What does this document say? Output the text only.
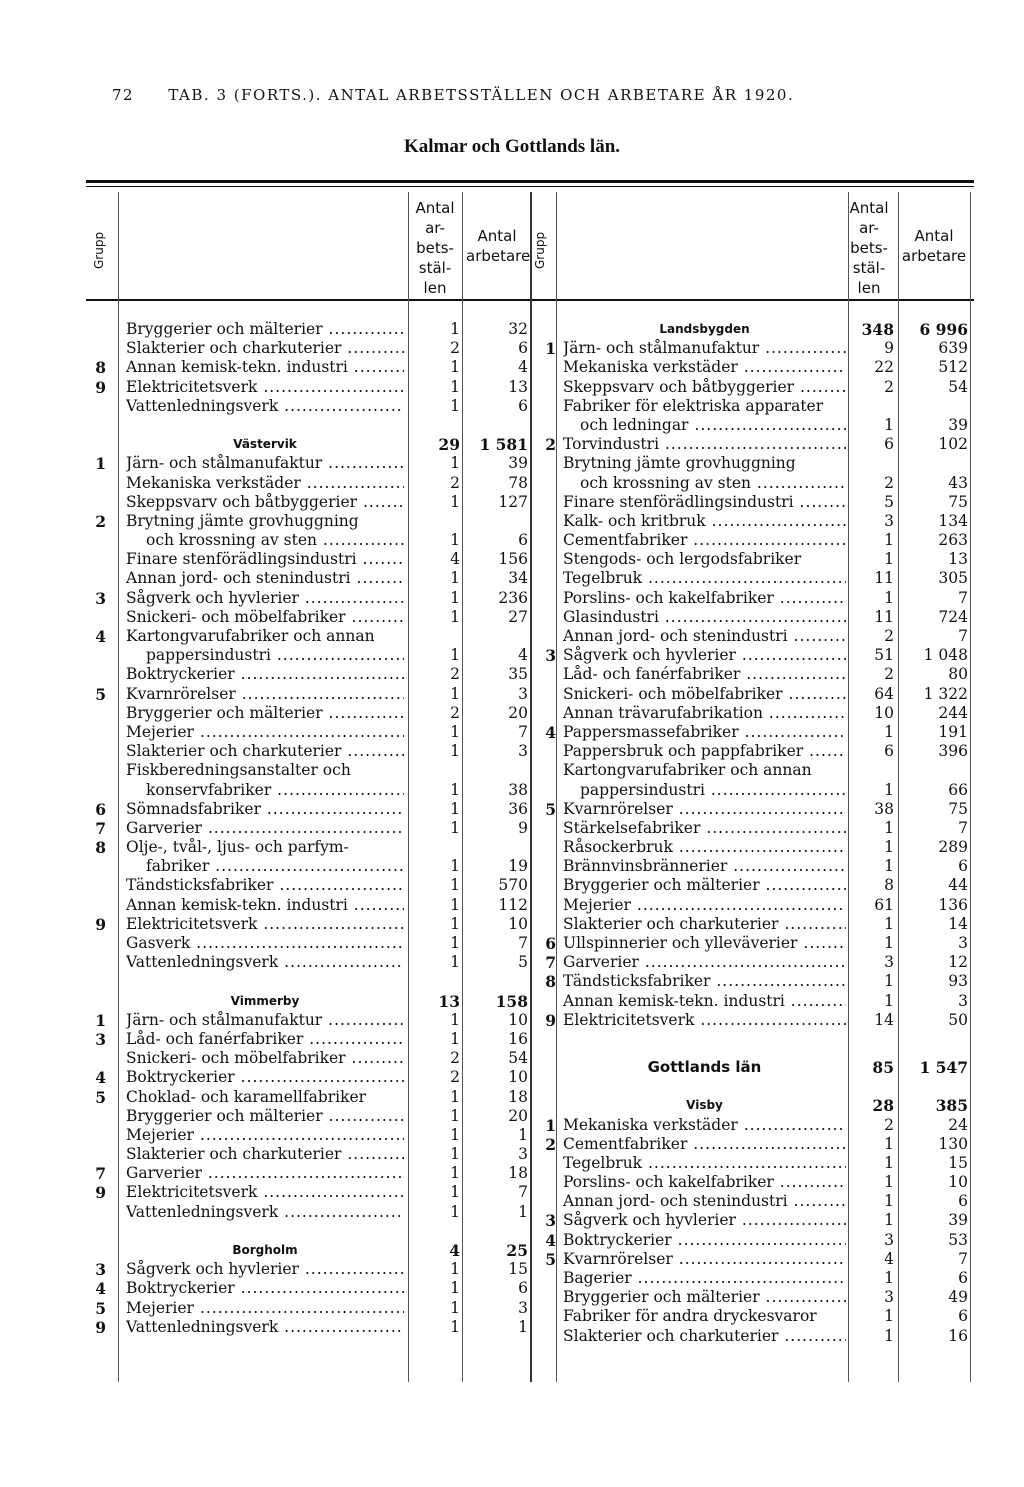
72 TAB. 3 (FORTS.). ANTAL ARBETSSTÄLLEN OCH ARBETARE ÅR 1920.
Kalmar och Gottlands län.
Grupp
Antal ar- bets- stäl- len
Antal arbetare Grupp
Antal ar- bets- stäl- len
Antal arbetare
Bryggerier och mälterier .....	1	32
Slakterier och charkuterier .....	2	6
8 Annan kemisk-tekn. industri .....	1	4
9 Elektricitetsverk .....	1	13
Vattenledningsverk .....	1	6
Västervik	29	1 581
1 Järn- och stålmanufaktur .....	1	39
Mekaniska verkstäder .....	2	78
Skeppsvarv och båtbyggerier .....	1	127
2 Brytning jämte grovhuggning
och krossning av sten .....	1	6
Finare stenförädlingsindustri .....	4	156
Annan jord- och stenindustri .....	1	34
3 Sågverk och hyvlerier .....	1	236
Snickeri- och möbelfabriker .....	1	27
4 Kartongvarufabriker och annan
pappersindustri .....	1	4
Boktryckerier .....	2	35
5 Kvarnrörelser .....	1	3
Bryggerier och mälterier .....	2	20
Mejerier .....	1	7
Slakterier och charkuterier .....	1	3
Fiskberedningsanstalter och
konservfabriker .....	1	38
6 Sömnadsfabriker .....	1	36
7 Garverier .....	1	9
8 Olje-, tvål-, ljus- och parfym-
fabriker .....	1	19
Tändsticksfabriker .....	1	570
Annan kemisk-tekn. industri .....	1	112
9 Elektricitetsverk .....	1	10
Gasverk .....	1	7
Vattenledningsverk .....	1	5
Vimmerby	13	158
1 Järn- och stålmanufaktur .....	1	10
3 Låd- och fanérfabriker .....	1	16
Snickeri- och möbelfabriker .....	2	54
4 Boktryckerier .....	2	10
5 Choklad- och karamellfabriker	1	18
Bryggerier och mälterier .....	1	20
Mejerier .....	1	1
Slakterier och charkuterier .....	1	3
7 Garverier .....	1	18
9 Elektricitetsverk .....	1	7
Vattenledningsverk .....	1	1
Borgholm	4	25
3 Sågverk och hyvlerier .....	1	15
4 Boktryckerier .....	1	6
5 Mejerier .....	1	3
9 Vattenledningsverk .....	1	1
Landsbygden	348	6 996
1 Järn- och stålmanufaktur .....	9	639
Mekaniska verkstäder .....	22	512
Skeppsvarv och båtbyggerier .....	2	54
Fabriker för elektriska apparater
och ledningar .....	1	39
2 Torvindustri .....	6	102
Brytning jämte grovhuggning
och krossning av sten .....	2	43
Finare stenförädlingsindustri .....	5	75
Kalk- och kritbruk .....	3	134
Cementfabriker .....	1	263
Stengods- och lergodsfabriker	1	13
Tegelbruk .....	11	305
Porslins- och kakelfabriker .....	1	7
Glasindustri .....	11	724
Annan jord- och stenindustri .....	2	7
3 Sågverk och hyvlerier .....	51	1 048
Låd- och fanérfabriker .....	2	80
Snickeri- och möbelfabriker .....	64	1 322
Annan trävarufabrikation .....	10	244
4 Pappersmassefabriker .....	1	191
Pappersbruk och pappfabriker .....	6	396
Kartongvarufabriker och annan
pappersindustri .....	1	66
5 Kvarnrörelser .....	38	75
Stärkelsefabriker .....	1	7
Råsockerbruk .....	1	289
Brännvinsbrännerier .....	1	6
Bryggerier och mälterier .....	8	44
Mejerier .....	61	136
Slakterier och charkuterier .....	1	14
6 Ullspinnerier och ylleväverier .....	1	3
7 Garverier .....	3	12
8 Tändsticksfabriker .....	1	93
Annan kemisk-tekn. industri .....	1	3
9 Elektricitetsverk .....	14	50
Gottlands län	85	1 547
Visby	28	385
1 Mekaniska verkstäder .....	2	24
2 Cementfabriker .....	1	130
Tegelbruk .....	1	15
Porslins- och kakelfabriker .....	1	10
Annan jord- och stenindustri .....	1	6
3 Sågverk och hyvlerier .....	1	39
4 Boktryckerier .....	3	53
5 Kvarnrörelser .....	4	7
Bagerier .....	1	6
Bryggerier och mälterier .....	3	49
Fabriker för andra dryckesvaror	1	6
Slakterier och charkuterier .....	1	16
